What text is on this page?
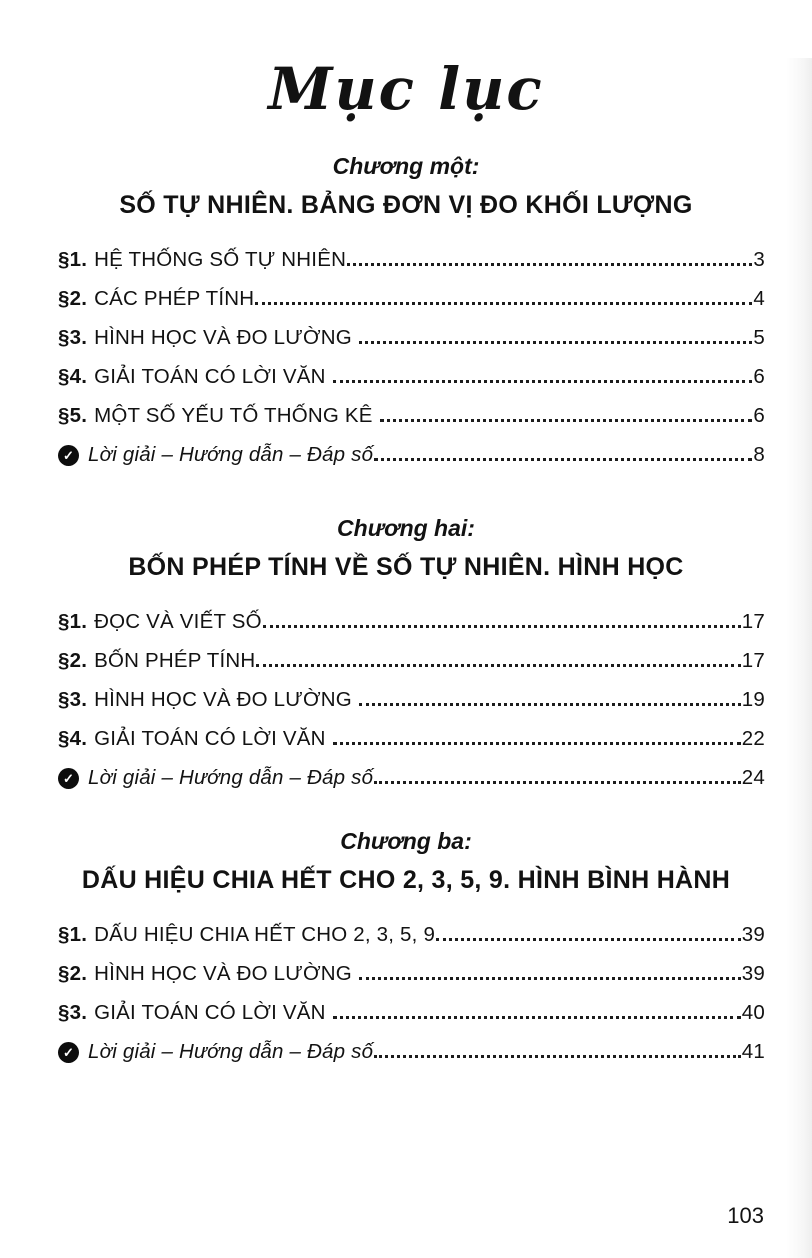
Mục lục
Chương một:
SỐ TỰ NHIÊN. BẢNG ĐƠN VỊ ĐO KHỐI LƯỢNG
§1. HỆ THỐNG SỐ TỰ NHIÊN	3
§2. CÁC PHÉP TÍNH	4
§3. HÌNH HỌC VÀ ĐO LƯỜNG	5
§4. GIẢI TOÁN CÓ LỜI VĂN	6
§5. MỘT SỐ YẾU TỐ THỐNG KÊ	6
✓ Lời giải – Hướng dẫn – Đáp số	8
Chương hai:
BỐN PHÉP TÍNH VỀ SỐ TỰ NHIÊN. HÌNH HỌC
§1. ĐỌC VÀ VIẾT SỐ	17
§2. BỐN PHÉP TÍNH	17
§3. HÌNH HỌC VÀ ĐO LƯỜNG	19
§4. GIẢI TOÁN CÓ LỜI VĂN	22
✓ Lời giải – Hướng dẫn – Đáp số	24
Chương ba:
DẤU HIỆU CHIA HẾT CHO 2, 3, 5, 9. HÌNH BÌNH HÀNH
§1. DẤU HIỆU CHIA HẾT CHO 2, 3, 5, 9	39
§2. HÌNH HỌC VÀ ĐO LƯỜNG	39
§3. GIẢI TOÁN CÓ LỜI VĂN	40
✓ Lời giải – Hướng dẫn – Đáp số	41
103
